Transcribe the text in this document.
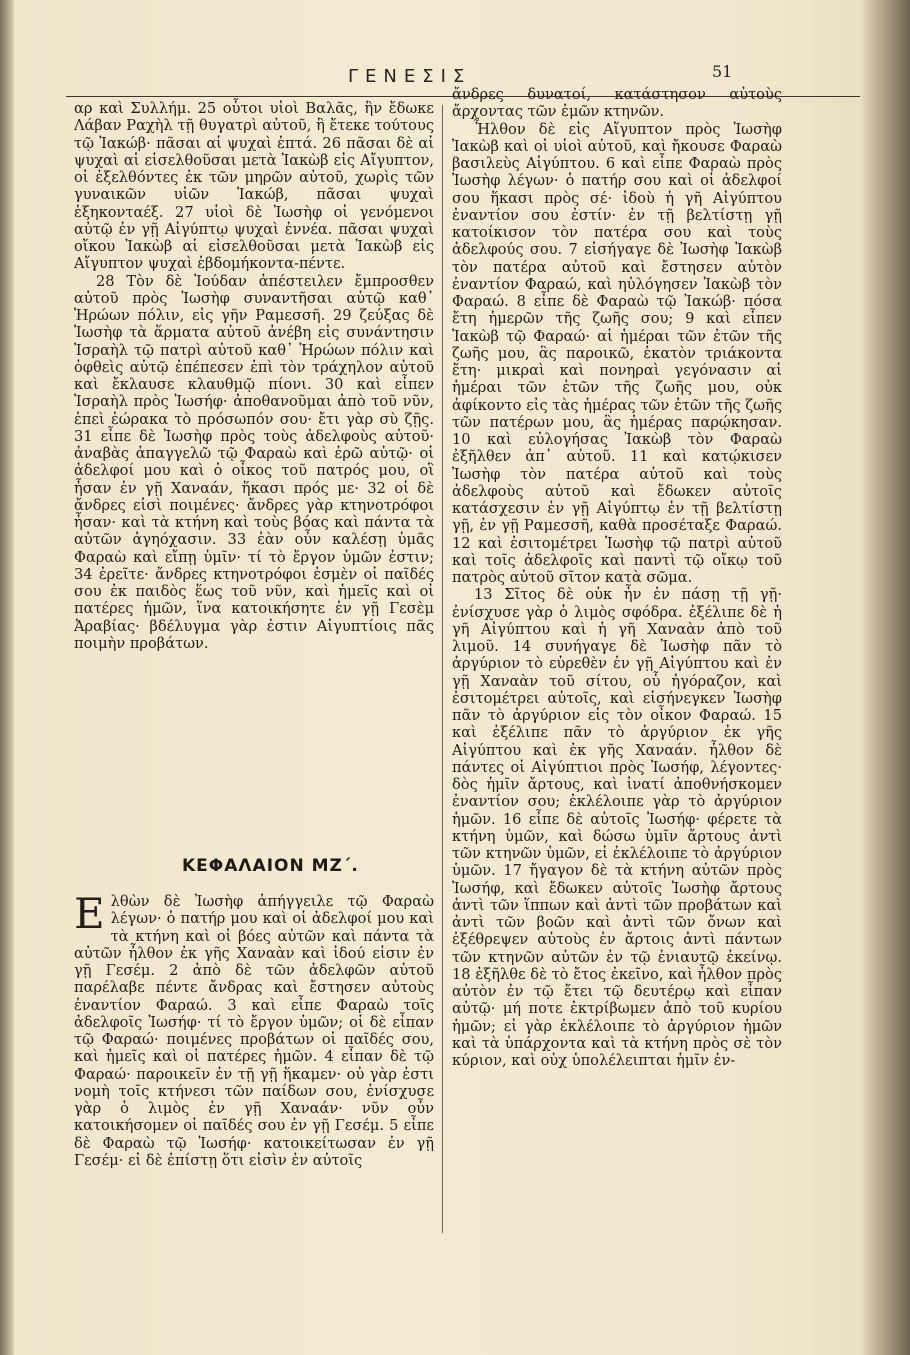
ΓΕΝΕΣΙΣ	51

αρ καὶ Συλλήμ. 25 οὗτοι υἱοὶ Βαλᾶς, ἣν ἔδωκε Λάβαν Ραχὴλ τῇ θυγατρὶ αὐτοῦ, ἣ ἔτεκε τούτους τῷ Ἰακώβ· πᾶσαι αἱ ψυχαὶ ἑπτά. 26 πᾶσαι δὲ αἱ ψυχαὶ αἱ εἰσελθοῦσαι μετὰ Ἰακὼβ εἰς Αἴγυπτον, οἱ ἐξελθόντες ἐκ τῶν μηρῶν αὐτοῦ, χωρὶς τῶν γυναικῶν υἱῶν Ἰακώβ, πᾶσαι ψυχαὶ ἑξηκονταέξ. 27 υἱοὶ δὲ Ἰωσὴφ οἱ γενόμενοι αὐτῷ ἐν γῇ Αἰγύπτῳ ψυχαὶ ἐννέα. πᾶσαι ψυχαὶ οἴκου Ἰακὼβ αἱ εἰσελθοῦσαι μετὰ Ἰακὼβ εἰς Αἴγυπτον ψυχαὶ ἑβδομήκοντα-πέντε.

28 Τὸν δὲ Ἰούδαν ἀπέστειλεν ἔμπροσθεν αὐτοῦ πρὸς Ἰωσὴφ συναντῆσαι αὐτῷ καθ᾿ Ἡρώων πόλιν, εἰς γῆν Ραμεσσῆ. 29 ζεύξας δὲ Ἰωσὴφ τὰ ἅρματα αὐτοῦ ἀνέβη εἰς συνάντησιν Ἰσραὴλ τῷ πατρὶ αὐτοῦ καθ᾿ Ἡρώων πόλιν καὶ ὀφθεὶς αὐτῷ ἐπέπεσεν ἐπὶ τὸν τράχηλον αὐτοῦ καὶ ἔκλαυσε κλαυθμῷ πίονι. 30 καὶ εἶπεν Ἰσραὴλ πρὸς Ἰωσήφ· ἀποθανοῦμαι ἀπὸ τοῦ νῦν, ἐπεὶ ἑώρακα τὸ πρόσωπόν σου· ἔτι γὰρ σὺ ζῇς. 31 εἶπε δὲ Ἰωσὴφ πρὸς τοὺς ἀδελφοὺς αὐτοῦ· ἀναβὰς ἀπαγγελῶ τῷ Φαραὼ καὶ ἐρῶ αὐτῷ· οἱ ἀδελφοί μου καὶ ὁ οἶκος τοῦ πατρός μου, οἳ ἦσαν ἐν γῇ Χαναάν, ἥκασι πρός με· 32 οἱ δὲ ἄνδρες εἰσὶ ποιμένες· ἄνδρες γὰρ κτηνοτρόφοι ἦσαν· καὶ τὰ κτήνη καὶ τοὺς βόας καὶ πάντα τὰ αὐτῶν ἀγηόχασιν. 33 ἐὰν οὖν καλέσῃ ὑμᾶς Φαραὼ καὶ εἴπῃ ὑμῖν· τί τὸ ἔργον ὑμῶν ἐστιν; 34 ἐρεῖτε· ἄνδρες κτηνοτρόφοι ἐσμὲν οἱ παῖδές σου ἐκ παιδὸς ἕως τοῦ νῦν, καὶ ἡμεῖς καὶ οἱ πατέρες ἡμῶν, ἵνα κατοικήσητε ἐν γῇ Γεσὲμ Ἀραβίας· βδέλυγμα γὰρ ἐστιν Αἰγυπτίοις πᾶς ποιμὴν προβάτων.

ΚΕΦΑΛΑΙΟΝ ΜΖ΄.
Ε λθὼν δὲ Ἰωσὴφ ἀπήγγειλε τῷ Φαραὼ λέγων· ὁ πατήρ μου καὶ οἱ ἀδελφοί μου καὶ τὰ κτήνη καὶ οἱ βόες αὐτῶν καὶ πάντα τὰ αὐτῶν ἦλθον ἐκ γῆς Χαναὰν καὶ ἰδού εἰσιν ἐν γῇ Γεσέμ. 2 ἀπὸ δὲ τῶν ἀδελφῶν αὐτοῦ παρέλαβε πέντε ἄνδρας καὶ ἔστησεν αὐτοὺς ἐναντίον Φαραώ. 3 καὶ εἶπε Φαραὼ τοῖς ἀδελφοῖς Ἰωσήφ· τί τὸ ἔργον ὑμῶν; οἱ δὲ εἶπαν τῷ Φαραώ· ποιμένες προβάτων οἱ παῖδές σου, καὶ ἡμεῖς καὶ οἱ πατέρες ἡμῶν. 4 εἶπαν δὲ τῷ Φαραώ· παροικεῖν ἐν τῇ γῇ ἥκαμεν· οὐ γὰρ ἐστι νομὴ τοῖς κτήνεσι τῶν παίδων σου, ἐνίσχυσε γὰρ ὁ λιμὸς ἐν γῇ Χαναάν· νῦν οὖν κατοικήσομεν οἱ παῖδές σου ἐν γῇ Γεσέμ. 5 εἶπε δὲ Φαραὼ τῷ Ἰωσήφ· κατοικείτωσαν ἐν γῇ Γεσέμ· εἰ δὲ ἐπίστῃ ὅτι εἰσὶν ἐν αὐτοῖς

ἄνδρες δυνατοί, κατάστησον αὐτοὺς ἄρχοντας τῶν ἐμῶν κτηνῶν.

Ἦλθον δὲ εἰς Αἴγυπτον πρὸς Ἰωσὴφ Ἰακὼβ καὶ οἱ υἱοὶ αὐτοῦ, καὶ ἤκουσε Φαραὼ βασιλεὺς Αἰγύπτου. 6 καὶ εἶπε Φαραὼ πρὸς Ἰωσὴφ λέγων· ὁ πατήρ σου καὶ οἱ ἀδελφοί σου ἥκασι πρὸς σέ· ἰδοὺ ἡ γῆ Αἰγύπτου ἐναντίον σου ἐστίν· ἐν τῇ βελτίστῃ γῇ κατοίκισον τὸν πατέρα σου καὶ τοὺς ἀδελφούς σου. 7 εἰσήγαγε δὲ Ἰωσὴφ Ἰακὼβ τὸν πατέρα αὐτοῦ καὶ ἔστησεν αὐτὸν ἐναντίον Φαραώ, καὶ ηὐλόγησεν Ἰακὼβ τὸν Φαραώ. 8 εἶπε δὲ Φαραὼ τῷ Ἰακώβ· πόσα ἔτη ἡμερῶν τῆς ζωῆς σου; 9 καὶ εἶπεν Ἰακὼβ τῷ Φαραώ· αἱ ἡμέραι τῶν ἐτῶν τῆς ζωῆς μου, ἃς παροικῶ, ἑκατὸν τριάκοντα ἔτη· μικραὶ καὶ πονηραὶ γεγόνασιν αἱ ἡμέραι τῶν ἐτῶν τῆς ζωῆς μου, οὐκ ἀφίκοντο εἰς τὰς ἡμέρας τῶν ἐτῶν τῆς ζωῆς τῶν πατέρων μου, ἃς ἡμέρας παρῴκησαν. 10 καὶ εὐλογήσας Ἰακὼβ τὸν Φαραὼ ἐξῆλθεν ἀπ᾿ αὐτοῦ. 11 καὶ κατῴκισεν Ἰωσὴφ τὸν πατέρα αὐτοῦ καὶ τοὺς ἀδελφοὺς αὐτοῦ καὶ ἔδωκεν αὐτοῖς κατάσχεσιν ἐν γῇ Αἰγύπτῳ ἐν τῇ βελτίστῃ γῇ, ἐν γῇ Ραμεσσῆ, καθὰ προσέταξε Φαραώ. 12 καὶ ἐσιτομέτρει Ἰωσὴφ τῷ πατρὶ αὐτοῦ καὶ τοῖς ἀδελφοῖς καὶ παντὶ τῷ οἴκῳ τοῦ πατρὸς αὐτοῦ σῖτον κατὰ σῶμα.

13 Σῖτος δὲ οὐκ ἦν ἐν πάσῃ τῇ γῇ· ἐνίσχυσε γὰρ ὁ λιμὸς σφόδρα. ἐξέλιπε δὲ ἡ γῆ Αἰγύπτου καὶ ἡ γῆ Χαναὰν ἀπὸ τοῦ λιμοῦ. 14 συνήγαγε δὲ Ἰωσὴφ πᾶν τὸ ἀργύριον τὸ εὑρεθὲν ἐν γῇ Αἰγύπτου καὶ ἐν γῇ Χαναὰν τοῦ σίτου, οὗ ἠγόραζον, καὶ ἐσιτομέτρει αὐτοῖς, καὶ εἰσήνεγκεν Ἰωσὴφ πᾶν τὸ ἀργύριον εἰς τὸν οἶκον Φαραώ. 15 καὶ ἐξέλιπε πᾶν τὸ ἀργύριον ἐκ γῆς Αἰγύπτου καὶ ἐκ γῆς Χαναάν. ἦλθον δὲ πάντες οἱ Αἰγύπτιοι πρὸς Ἰωσήφ, λέγοντες· δὸς ἡμῖν ἄρτους, καὶ ἱνατί ἀποθνήσκομεν ἐναντίον σου; ἐκλέλοιπε γὰρ τὸ ἀργύριον ἡμῶν. 16 εἶπε δὲ αὐτοῖς Ἰωσήφ· φέρετε τὰ κτήνη ὑμῶν, καὶ δώσω ὑμῖν ἄρτους ἀντὶ τῶν κτηνῶν ὑμῶν, εἰ ἐκλέλοιπε τὸ ἀργύριον ὑμῶν. 17 ἤγαγον δὲ τὰ κτήνη αὐτῶν πρὸς Ἰωσήφ, καὶ ἔδωκεν αὐτοῖς Ἰωσὴφ ἄρτους ἀντὶ τῶν ἵππων καὶ ἀντὶ τῶν προβάτων καὶ ἀντὶ τῶν βοῶν καὶ ἀντὶ τῶν ὄνων καὶ ἐξέθρεψεν αὐτοὺς ἐν ἄρτοις ἀντὶ πάντων τῶν κτηνῶν αὐτῶν ἐν τῷ ἐνιαυτῷ ἐκείνῳ. 18 ἐξῆλθε δὲ τὸ ἔτος ἐκεῖνο, καὶ ἦλθον πρὸς αὐτὸν ἐν τῷ ἔτει τῷ δευτέρῳ καὶ εἶπαν αὐτῷ· μή ποτε ἐκτρίβωμεν ἀπὸ τοῦ κυρίου ἡμῶν; εἰ γὰρ ἐκλέλοιπε τὸ ἀργύριον ἡμῶν καὶ τὰ ὑπάρχοντα καὶ τὰ κτήνη πρὸς σὲ τὸν κύριον, καὶ οὐχ ὑπολέλειπται ἡμῖν ἐν-
